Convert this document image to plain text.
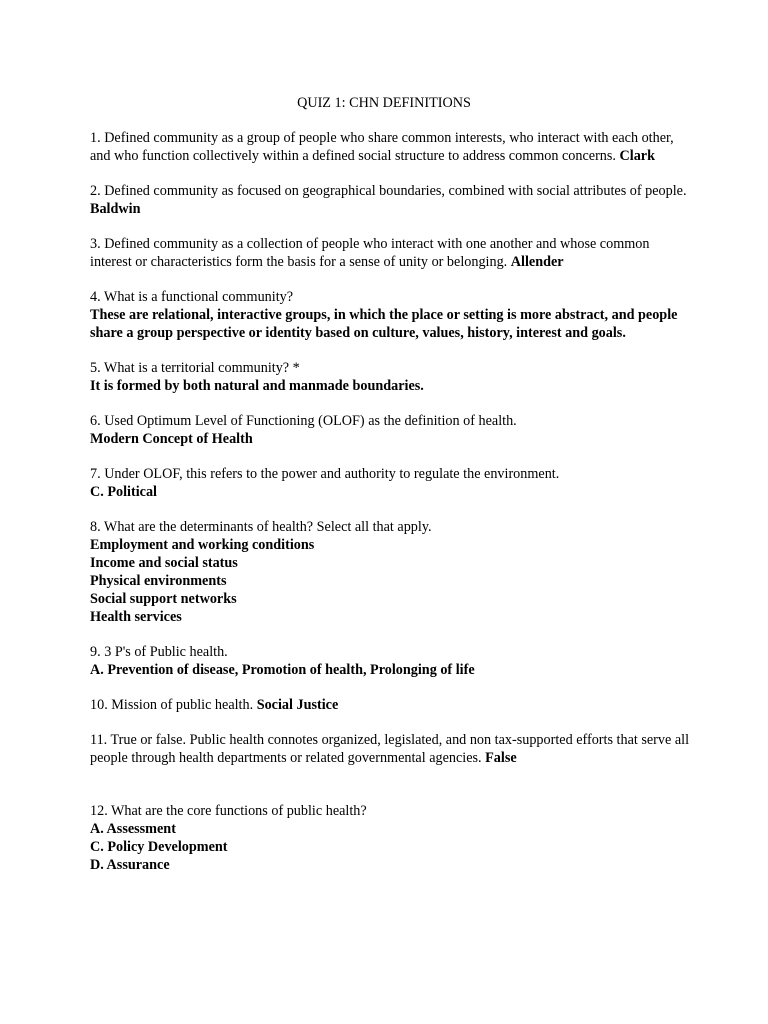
QUIZ 1: CHN DEFINITIONS
1. Defined community as a group of people who share common interests, who interact with each other, and who function collectively within a defined social structure to address common concerns. Clark
2. Defined community as focused on geographical boundaries, combined with social attributes of people. Baldwin
3. Defined community as a collection of people who interact with one another and whose common interest or characteristics form the basis for a sense of unity or belonging. Allender
4. What is a functional community?
These are relational, interactive groups, in which the place or setting is more abstract, and people share a group perspective or identity based on culture, values, history, interest and goals.
5. What is a territorial community? *
It is formed by both natural and manmade boundaries.
6. Used Optimum Level of Functioning (OLOF) as the definition of health.
Modern Concept of Health
7. Under OLOF, this refers to the power and authority to regulate the environment.
C. Political
8. What are the determinants of health? Select all that apply.
Employment and working conditions
Income and social status
Physical environments
Social support networks
Health services
9. 3 P's of Public health.
A. Prevention of disease, Promotion of health, Prolonging of life
10. Mission of public health. Social Justice
11. True or false. Public health connotes organized, legislated, and non tax-supported efforts that serve all people through health departments or related governmental agencies. False
12. What are the core functions of public health?
A. Assessment
C. Policy Development
D. Assurance
